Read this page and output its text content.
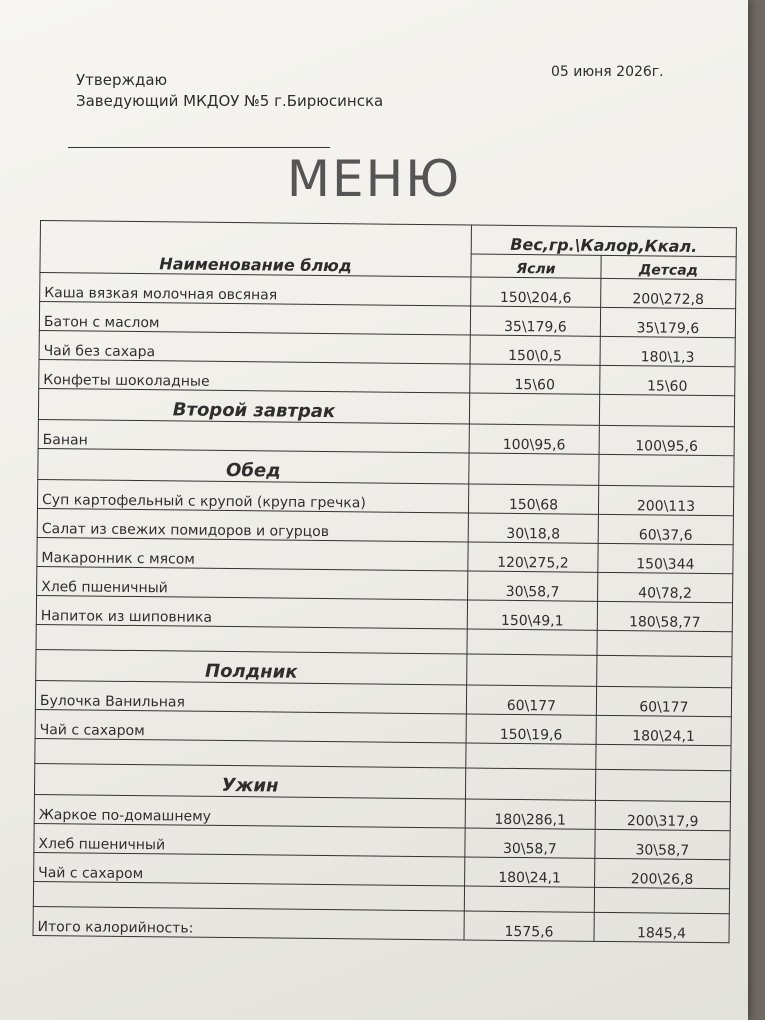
Утверждаю
Заведующий МКДОУ №5 г.Бирюсинска
05 июня 2026г.
МЕНЮ
Наименование блюд	Вес,гр.\Калор,Ккал.	
	Ясли	Детсад
Каша вязкая молочная овсяная	150\204,6	200\272,8
Батон с маслом	35\179,6	35\179,6
Чай без сахара	150\0,5	180\1,3
Конфеты шоколадные	15\60	15\60
Второй завтрак		
Банан	100\95,6	100\95,6
Обед		
Суп картофельный с крупой (крупа гречка)	150\68	200\113
Салат из свежих помидоров и огурцов	30\18,8	60\37,6
Макаронник с мясом	120\275,2	150\344
Хлеб пшеничный	30\58,7	40\78,2
Напиток из шиповника	150\49,1	180\58,77

Полдник		
Булочка Ванильная	60\177	60\177
Чай с сахаром	150\19,6	180\24,1

Ужин		
Жаркое по-домашнему	180\286,1	200\317,9
Хлеб пшеничный	30\58,7	30\58,7
Чай с сахаром	180\24,1	200\26,8

Итого калорийность:	1575,6	1845,4
